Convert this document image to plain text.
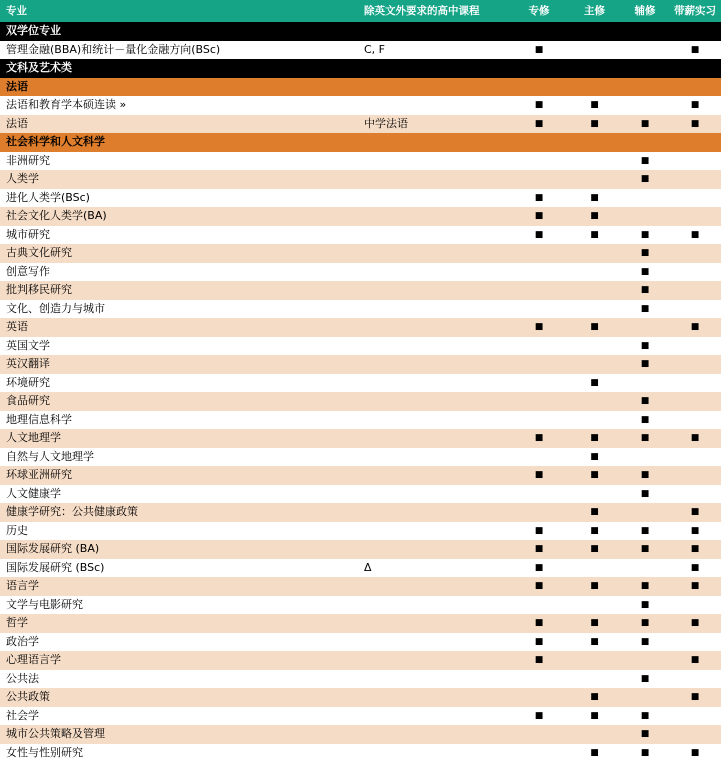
专业	除英文外要求的高中课程	专修	主修	辅修	带薪实习
双学位专业					
管理金融(BBA)和统计－量化金融方向(BSc)	C, F	■			■
文科及艺术类					
法语					
法语和教育学本硕连读 »		■	■		■
法语	中学法语	■	■	■	■
社会科学和人文科学					
非洲研究				■	
人类学				■	
进化人类学(BSc)		■	■		
社会文化人类学(BA)		■	■		
城市研究		■	■	■	■
古典文化研究				■	
创意写作				■	
批判移民研究				■	
文化、创造力与城市				■	
英语		■	■		■
英国文学				■	
英汉翻译				■	
环境研究			■		
食品研究				■	
地理信息科学				■	
人文地理学		■	■	■	■
自然与人文地理学			■		
环球亚洲研究		■	■	■	
人文健康学				■	
健康学研究：公共健康政策			■		■
历史		■	■	■	■
国际发展研究 (BA)		■	■	■	■
国际发展研究 (BSc)	Δ	■			■
语言学		■	■	■	■
文学与电影研究				■	
哲学		■	■	■	■
政治学		■	■	■	
心理语言学		■			■
公共法				■	
公共政策			■		■
社会学		■	■	■	
城市公共策略及管理				■	
女性与性别研究			■	■	■
